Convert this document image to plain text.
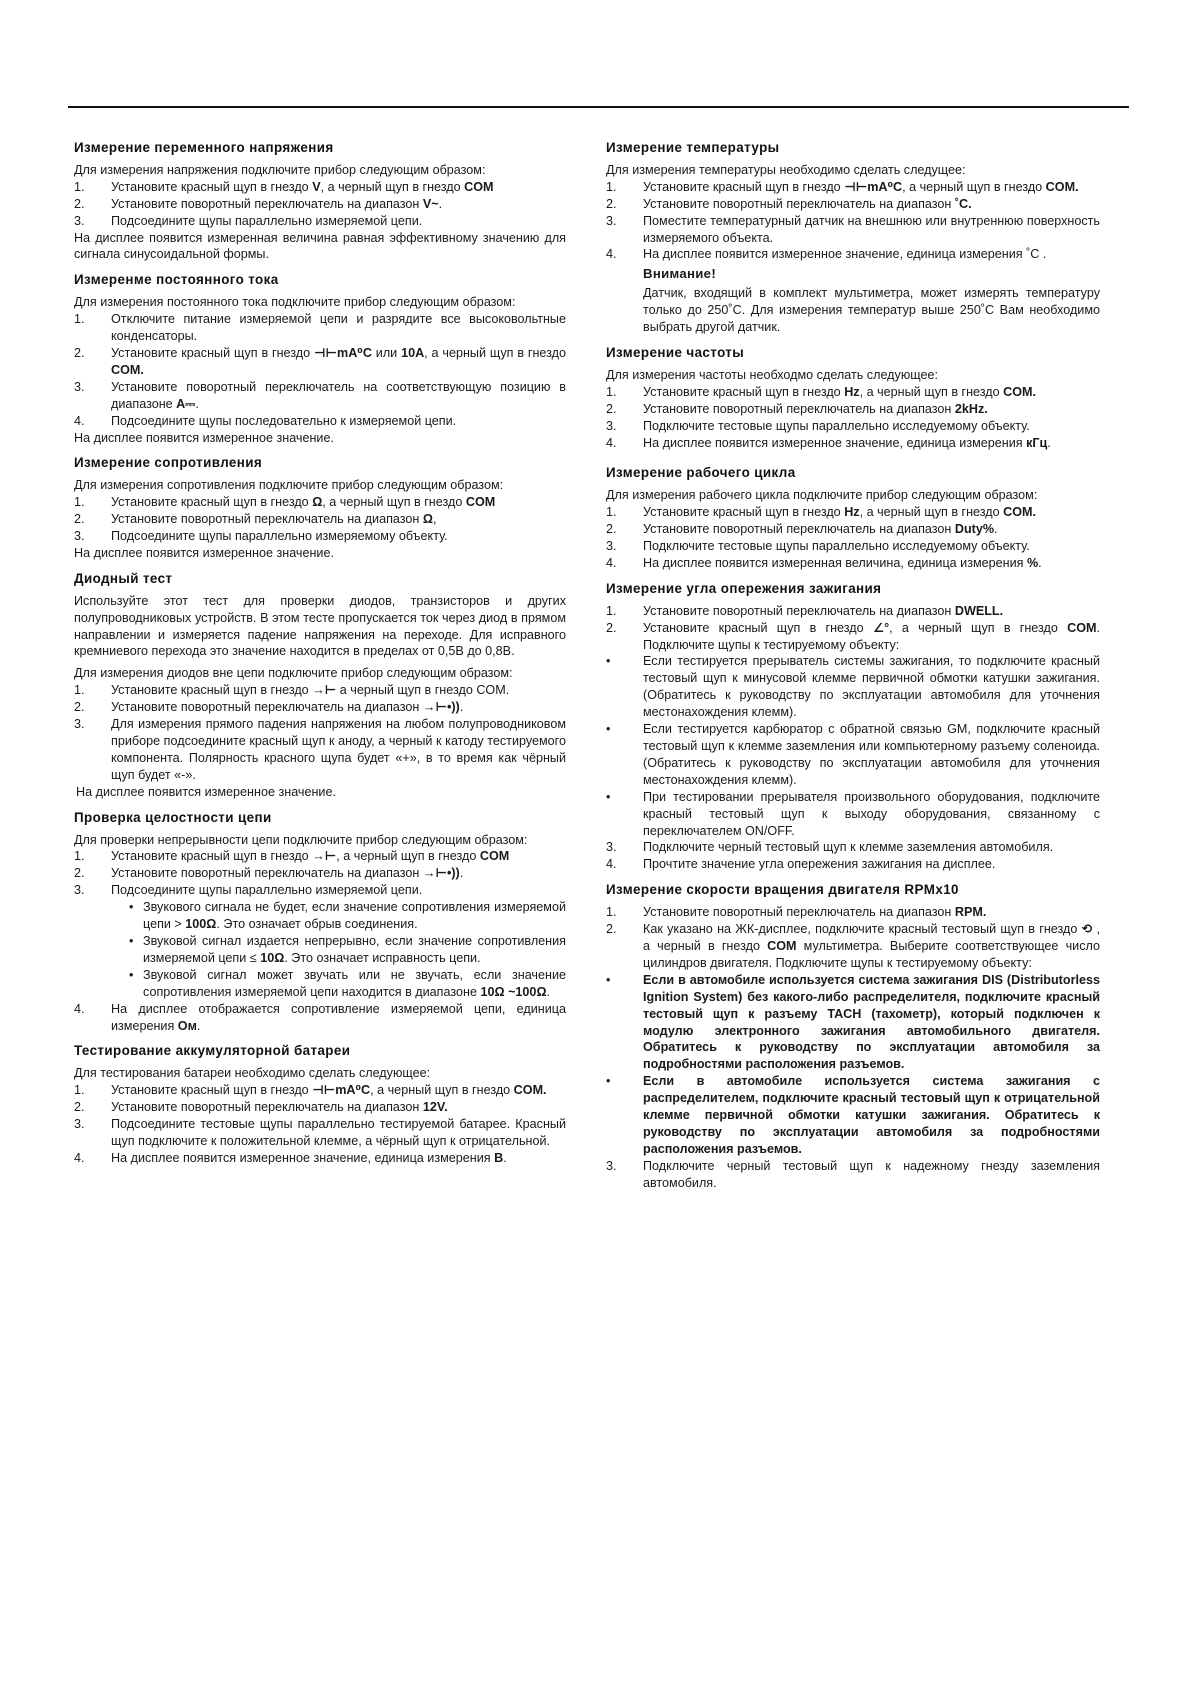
Измерение переменного напряжения

Для измерения напряжения подключите прибор следующим образом:

1.	Установите красный щуп в гнездо V, а черный щуп в гнездо COM
2.	Установите поворотный переключатель на диапазон V~.
3.	Подсоедините щупы параллельно измеряемой цепи.

На дисплее появится измеренная величина равная эффективному значению для сигнала синусоидальной формы.

Измеренме постоянного тока

Для измерения постоянного тока подключите прибор следующим образом:

1.	Отключите питание измеряемой цепи и разрядите все высоковольтные конденсаторы.
2.	Установите красный щуп в гнездо ⊣⊢mA⁰C или 10A, а черный щуп в гнездо COM.
3.	Установите поворотный переключатель на соответствующую позицию в диапазоне A⎓.
4.	Подсоедините щупы последовательно к измеряемой цепи.

На дисплее появится измеренное значение.

Измерение сопротивления

Для измерения сопротивления подключите прибор следующим образом:

1.	Установите красный щуп в гнездо Ω, а черный щуп в гнездо COM
2.	Установите поворотный переключатель на диапазон Ω,
3.	Подсоедините щупы параллельно измеряемому объекту.

На дисплее появится измеренное значение.

Диодный тест

Используйте этот тест для проверки диодов, транзисторов и других полупроводниковых устройств. В этом тесте пропускается ток через диод в прямом направлении и измеряется падение напряжения на переходе. Для исправного кремниевого перехода это значение находится в пределах от 0,5В до 0,8В.

Для измерения диодов вне цепи подключите прибор следующим образом:

1.	Установите красный щуп в гнездо →⊢ а черный щуп в гнездо COM.
2.	Установите поворотный переключатель на диапазон →⊢•)).
3.	Для измерения прямого падения напряжения на любом полупроводниковом приборе подсоедините красный щуп к аноду, а черный к катоду тестируемого компонента. Полярность красного щупа будет «+», в то время как чёрный щуп будет «-».

На дисплее появится измеренное значение.

Проверка целостности цепи

Для проверки непрерывности цепи подключите прибор следующим образом:

1.	Установите красный щуп в гнездо →⊢, а черный щуп в гнездо COM
2.	Установите поворотный переключатель на диапазон →⊢•)).
3.	Подсоедините щупы параллельно измеряемой цепи.
• Звукового сигнала не будет, если значение сопротивления измеряемой цепи > 100Ω. Это означает обрыв соединения.
• Звуковой сигнал издается непрерывно, если значение сопротивления измеряемой цепи ≤ 10Ω. Это означает исправность цепи.
• Звуковой сигнал может звучать или не звучать, если значение сопротивления измеряемой цепи находится в диапазоне 10Ω ~100Ω.
4.	На дисплее отображается сопротивление измеряемой цепи, единица измерения Ом.
Тестирование аккумуляторной батареи

Для тестирования батареи необходимо сделать следующее:

1.	Установите красный щуп в гнездо ⊣⊢mA⁰C, а черный щуп в гнездо COM.
2.	Установите поворотный переключатель на диапазон 12V.
3.	Подсоедините тестовые щупы параллельно тестируемой батарее. Красный щуп подключите к положительной клемме, а чёрный щуп к отрицательной.
4.	На дисплее появится измеренное значение, единица измерения В.
Измерение температуры

Для измерения температуры необходимо сделать следущее:

1.	Установите красный щуп в гнездо ⊣⊢mA⁰C, а черный щуп в гнездо COM.
2.	Установите поворотный переключатель на диапазон ˚C.
3.	Поместите температурный датчик на внешнюю или внутреннюю поверхность измеряемого объекта.
4.	На дисплее появится измеренное значение, единица измерения ˚C .
Внимание!

Датчик, входящий в комплект мультиметра, может измерять температуру только до 250˚C. Для измерения температур выше 250˚C Вам необходимо выбрать другой датчик.

Измерение частоты

Для измерения частоты необходмо сделать следующее:

1.	Установите красный щуп в гнездо Hz, а черный щуп в гнездо COM.
2.	Установите поворотный переключатель на диапазон 2kHz.
3.	Подключите тестовые щупы параллельно исследуемому объекту.
4.	На дисплее появится измеренное значение, единица измерения кГц.
Измерение рабочего цикла

Для измерения рабочего цикла подключите прибор следующим образом:

1.	Установите красный щуп в гнездо Hz, а черный щуп в гнездо COM.
2.	Установите поворотный переключатель на диапазон Duty%.
3.	Подключите тестовые щупы параллельно исследуемому объекту.
4.	На дисплее появится измеренная величина, единица измерения %.
Измерение угла опережения зажигания
1.	Установите поворотный переключатель на диапазон DWELL.
2.	Установите красный щуп в гнездо ∠°, а черный щуп в гнездо COM. Подключите щупы к тестируемому объекту:
•	Если тестируется прерыватель системы зажигания, то подключите красный тестовый щуп к минусовой клемме первичной обмотки катушки зажигания. (Обратитесь к руководству по эксплуатации автомобиля для уточнения местонахождения клемм).
•	Если тестируется карбюратор с обратной связью GM, подключите красный тестовый щуп к клемме заземления или компьютерному разъему соленоида. (Обратитесь к руководству по эксплуатации автомобиля для уточнения местонахождения клемм).
•	При тестировании прерывателя произвольного оборудования, подключите красный тестовый щуп к выходу оборудования, связанному с переключателем ON/OFF.
3.	Подключите черный тестовый щуп к клемме заземления автомобиля.
4.	Прочтите значение угла опережения зажигания на дисплее.
Измерение скорости вращения двигателя RPMx10
1.	Установите поворотный переключатель на диапазон RPM.
2.	Как указано на ЖК-дисплее, подключите красный тестовый щуп в гнездо ⟲ , а черный в гнездо COM мультиметра. Выберите соответствующее число цилиндров двигателя. Подключите щупы к тестируемому объекту:
•	Если в автомобиле используется система зажигания DIS (Distributorless Ignition System) без какого-либо распределителя, подключите красный тестовый щуп к разъему TACH (тахометр), который подключен к модулю электронного зажигания автомобильного двигателя. Обратитесь к руководству по эксплуатации автомобиля за подробностями расположения разъемов.
•	Если в автомобиле используется система зажигания с распределителем, подключите красный тестовый щуп к отрицательной клемме первичной обмотки катушки зажигания. Обратитесь к руководству по эксплуатации автомобиля за подробностями расположения разъемов.
3.	Подключите черный тестовый щуп к надежному гнезду заземления автомобиля.
